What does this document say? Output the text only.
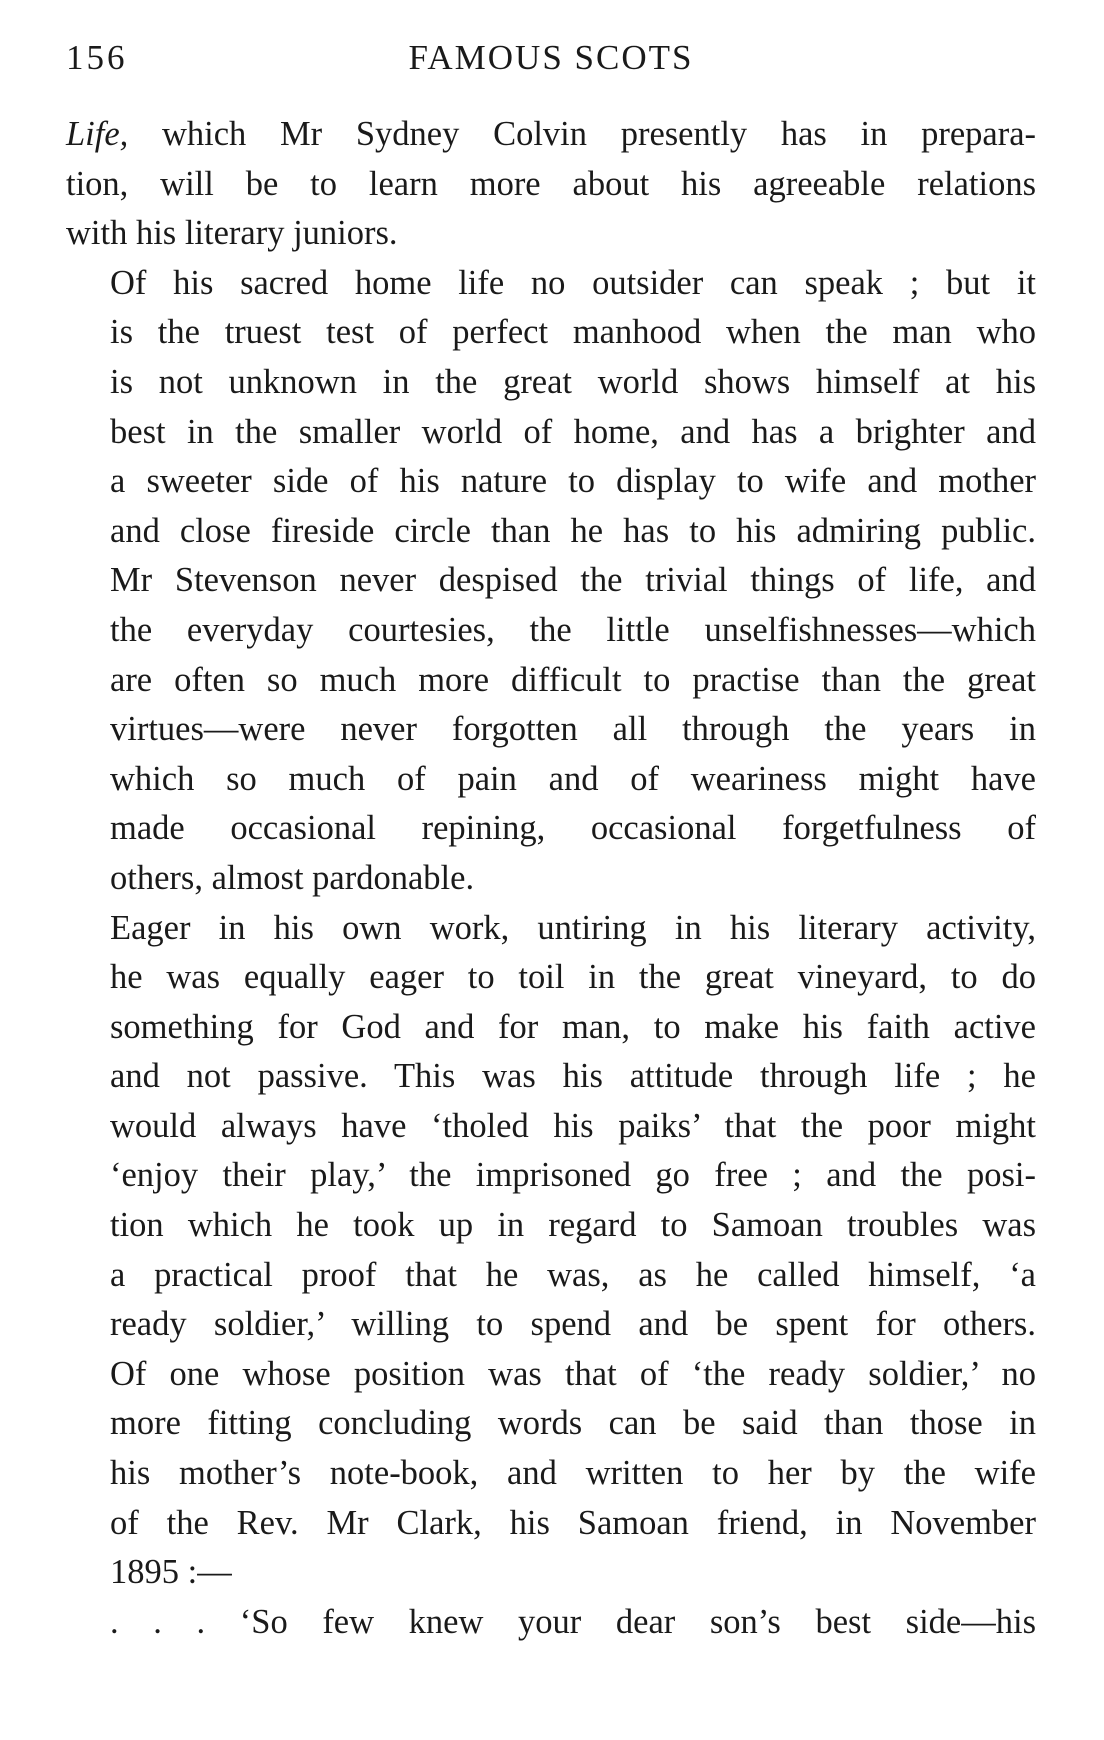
156	FAMOUS SCOTS

Life, which Mr Sydney Colvin presently has in prepara-
tion, will be to learn more about his agreeable relations
with his literary juniors.

Of his sacred home life no outsider can speak ; but it
is the truest test of perfect manhood when the man who
is not unknown in the great world shows himself at his
best in the smaller world of home, and has a brighter and
a sweeter side of his nature to display to wife and mother
and close fireside circle than he has to his admiring public.
Mr Stevenson never despised the trivial things of life, and
the everyday courtesies, the little unselfishnesses—which
are often so much more difficult to practise than the great
virtues—were never forgotten all through the years in
which so much of pain and of weariness might have
made occasional repining, occasional forgetfulness of
others, almost pardonable.

Eager in his own work, untiring in his literary activity,
he was equally eager to toil in the great vineyard, to do
something for God and for man, to make his faith active
and not passive. This was his attitude through life ; he
would always have ‘tholed his paiks’ that the poor might
‘enjoy their play,’ the imprisoned go free ; and the posi-
tion which he took up in regard to Samoan troubles was
a practical proof that he was, as he called himself, ‘a
ready soldier,’ willing to spend and be spent for others.
Of one whose position was that of ‘the ready soldier,’ no
more fitting concluding words can be said than those in
his mother’s note-book, and written to her by the wife
of the Rev. Mr Clark, his Samoan friend, in November
1895 :—

. . . ‘So few knew your dear son’s best side—his
